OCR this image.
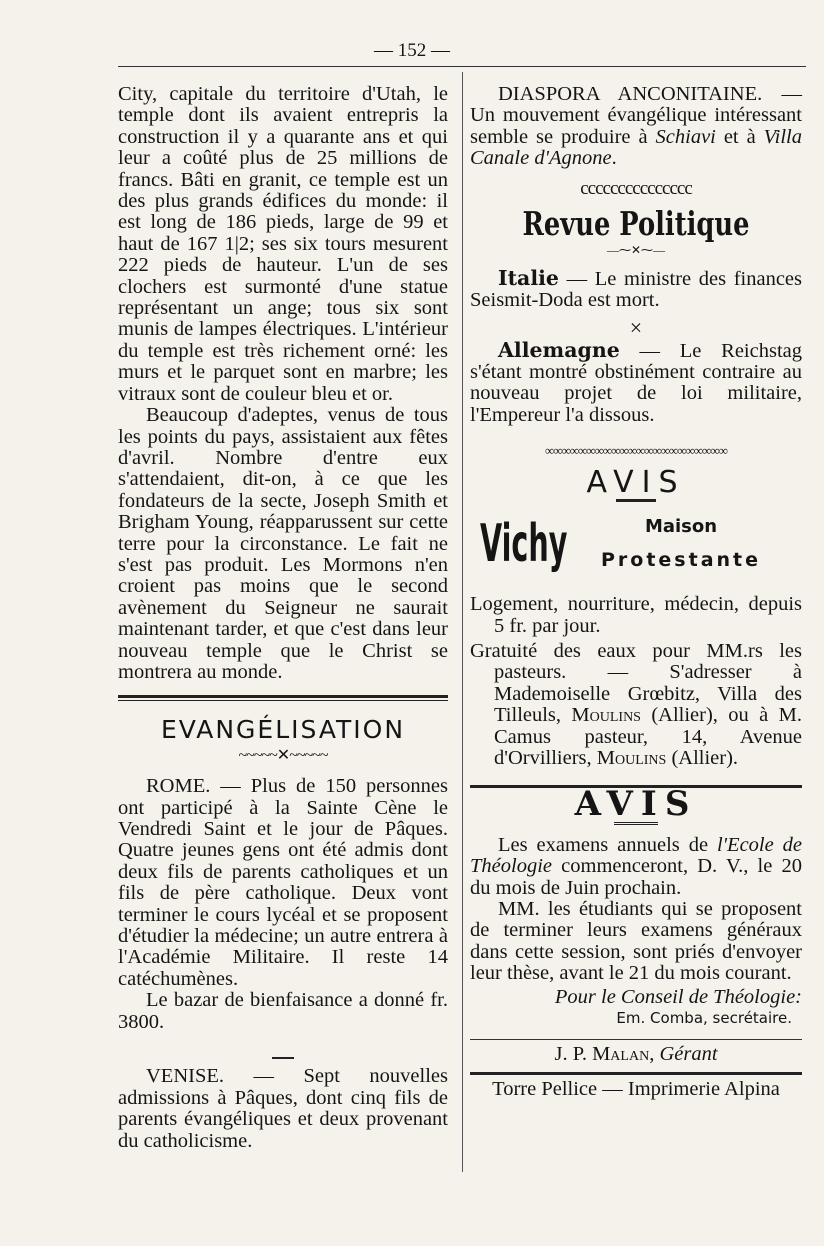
— 152 —

City, capitale du territoire d'Utah, le temple dont ils avaient entrepris la construction il y a quarante ans et qui leur a coûté plus de 25 millions de francs. Bâti en granit, ce temple est un des plus grands édifices du monde: il est long de 186 pieds, large de 99 et haut de 167 1|2; ses six tours mesurent 222 pieds de hauteur. L'un de ses clochers est surmonté d'une statue représentant un ange; tous six sont munis de lampes électriques. L'intérieur du temple est très richement orné: les murs et le parquet sont en marbre; les vitraux sont de couleur bleu et or.

Beaucoup d'adeptes, venus de tous les points du pays, assistaient aux fêtes d'avril. Nombre d'entre eux s'attendaient, dit-on, à ce que les fondateurs de la secte, Joseph Smith et Brigham Young, réapparussent sur cette terre pour la circonstance. Le fait ne s'est pas produit. Les Mormons n'en croient pas moins que le second avènement du Seigneur ne saurait maintenant tarder, et que c'est dans leur nouveau temple que le Christ se montrera au monde.

EVANGÉLISATION
~~~~~✕~~~~~

ROME. — Plus de 150 personnes ont participé à la Sainte Cène le Vendredi Saint et le jour de Pâques. Quatre jeunes gens ont été admis dont deux fils de parents catholiques et un fils de père catholique. Deux vont terminer le cours lycéal et se proposent d'étudier la médecine; un autre entrera à l'Académie Militaire. Il reste 14 catéchumènes.

Le bazar de bienfaisance a donné fr. 3800.

VENISE. — Sept nouvelles admissions à Pâques, dont cinq fils de parents évangéliques et deux provenant du catholicisme.

DIASPORA ANCONITAINE. — Un mouvement évangélique intéressant semble se produire à Schiavi et à Villa Canale d'Agnone.

ccccccccccccccc
Revue Politique
—⁓✕⁓—

Italie — Le ministre des finances Seismit-Doda est mort.

×

Allemagne — Le Reichstag s'étant montré obstinément contraire au nouveau projet de loi militaire, l'Empereur l'a dissous.

∞∞∞∞∞∞∞∞∞∞∞∞∞∞∞∞∞∞∞∞∞∞
AVIS
Vichy	Maison
Protestante

Logement, nourriture, médecin, depuis 5 fr. par jour.

Gratuité des eaux pour MM.rs les pasteurs. — S'adresser à Mademoiselle Grœbitz, Villa des Tilleuls, Moulins (Allier), ou à M. Camus pasteur, 14, Avenue d'Orvilliers, Moulins (Allier).

AVIS

Les examens annuels de l'Ecole de Théologie commenceront, D. V., le 20 du mois de Juin prochain.

MM. les étudiants qui se proposent de terminer leurs examens généraux dans cette session, sont priés d'envoyer leur thèse, avant le 21 du mois courant.

Pour le Conseil de Théologie:
Em. Comba, secrétaire.
J. P. Malan, Gérant
Torre Pellice — Imprimerie Alpina
